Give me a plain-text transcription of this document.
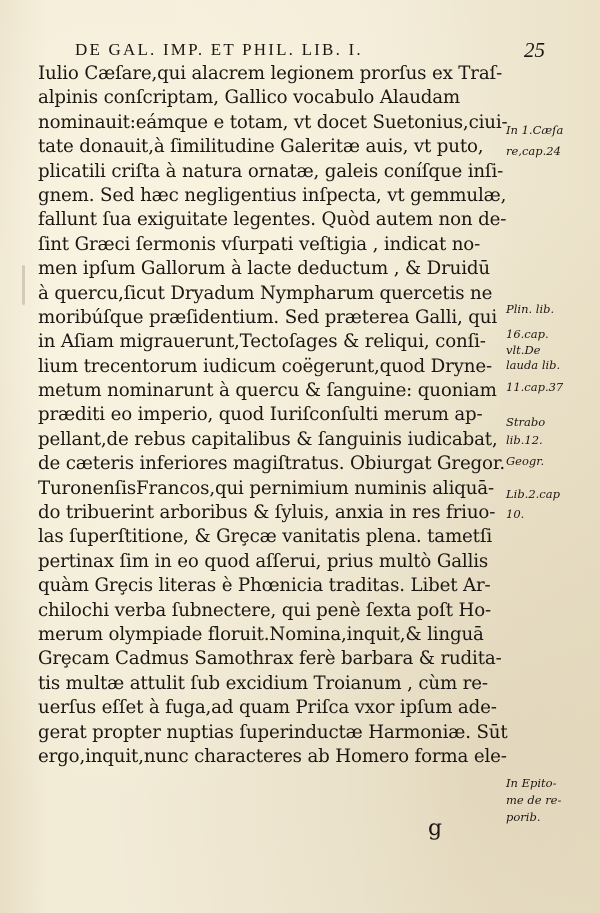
DE GAL. IMP. ET PHIL. LIB. I.	25
Iulio Cæſare,qui alacrem legionem prorſus ex Traſ-
alpinis conſcriptam, Gallico vocabulo Alaudam
nominauit:eámque e totam, vt docet Suetonius,ciui-
tate donauit,à ſimilitudine Galeritæ auis, vt puto,
plicatili criſta à natura ornatæ, galeis coníſque inſi-
gnem. Sed hæc negligentius inſpecta, vt gemmulæ,
fallunt ſua exiguitate legentes. Quòd autem non de-
ſint Græci ſermonis vſurpati veſtigia , indicat no-
men ipſum Gallorum à lacte deductum , & Druidū
à quercu,ſicut Dryadum Nympharum quercetis ne
moribúſque præſidentium. Sed præterea Galli, qui
in Aſiam migrauerunt,Tectoſages & reliqui, conſi-
lium trecentorum iudicum coëgerunt,quod Dryne-
metum nominarunt à quercu & ſanguine: quoniam
præditi eo imperio, quod Iuriſconſulti merum ap-
pellant,de rebus capitalibus & ſanguinis iudicabat,
de cæteris inferiores magiſtratus. Obiurgat Gregor.
TuronenſisFrancos,qui pernimium numinis aliquā-
do tribuerint arboribus & ſyluis, anxia in res friuo-
las ſuperſtitione, & Grȩcæ vanitatis plena. tametſi
pertinax ſim in eo quod aſſerui, prius multò Gallis
quàm Grȩcis literas è Phœnicia traditas. Libet Ar-
chilochi verba ſubnectere, qui penè ſexta poſt Ho-
merum olympiade floruit.Nomina,inquit,& linguā
Grȩcam Cadmus Samothrax ferè barbara & rudita-
tis multæ attulit ſub excidium Troianum , cùm re-
uerſus eſſet à fuga,ad quam Priſca vxor ipſum ade-
gerat propter nuptias ſuperinductæ Harmoniæ. Sūt
ergo,inquit,nunc characteres ab Homero forma ele-
In 1.Cæſa
re,cap.24
Plin. lib.
16.cap.
vlt.De
lauda lib.
11.cap.37
Strabo
lib.12.
Geogr.
Lib.2.cap
10.
In Epito-
me de re-
porib.
g
